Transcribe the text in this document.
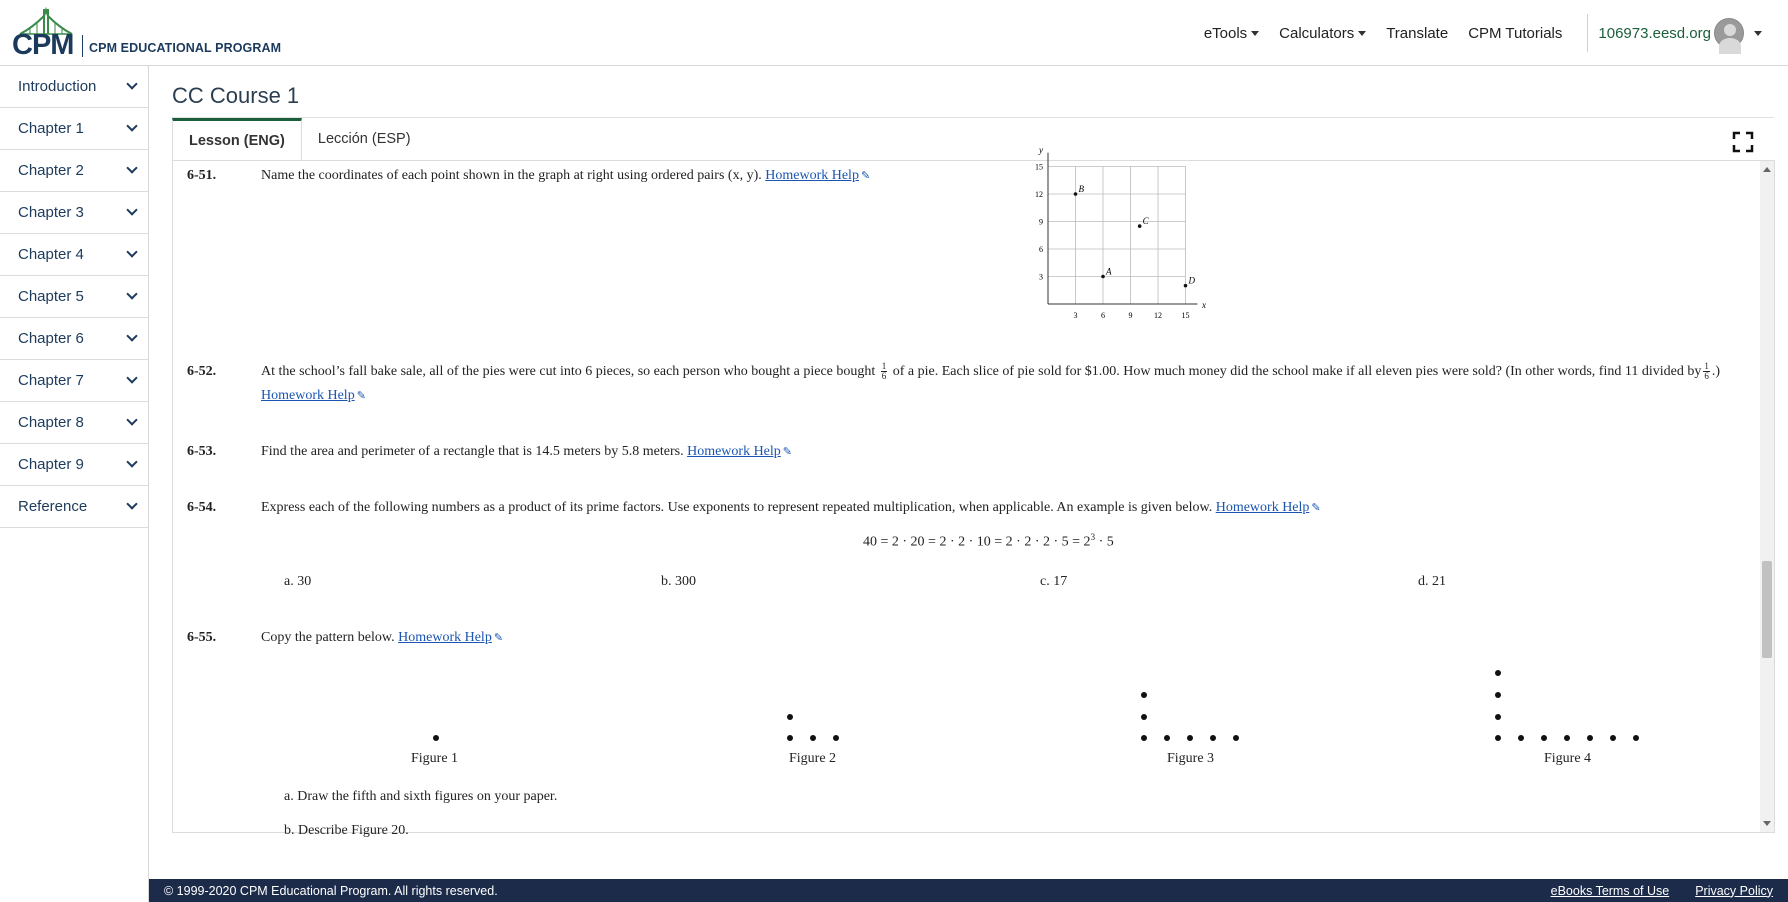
CPM CPM EDUCATIONAL PROGRAM
eTools Calculators Translate CPM Tutorials 106973.eesd.org
Introduction
Chapter 1
Chapter 2
Chapter 3
Chapter 4
Chapter 5
Chapter 6
Chapter 7
Chapter 8
Chapter 9
Reference
CC Course 1
Lesson (ENG)	Lección (ESP)
6-51.	Name the coordinates of each point shown in the graph at right using ordered pairs (x, y). Homework Help ✎
x
y
15
12
9
6
3
3	6	9	12 15
B
C
A
D
6-52.	At the school’s fall bake sale, all of the pies were cut into 6 pieces, so each person who bought a piece bought $\frac{1}{6}$ of a pie. Each slice of pie sold for $1.00. How much money did the school make if all eleven pies were sold? (In other words, find 11 divided by $\frac{1}{6}$ .) Homework Help ✎
6-53.	Find the area and perimeter of a rectangle that is 14.5 meters by 5.8 meters. Homework Help ✎
6-54.	Express each of the following numbers as a product of its prime factors. Use exponents to represent repeated multiplication, when applicable. An example is given below. Homework Help ✎
$40 = 2 \cdot 20 = 2 \cdot 2 \cdot 10 = 2 \cdot 2 \cdot 2 \cdot 5 = 2^3 \cdot 5$
a. 30	b. 300	c. 17	d. 21
6-55.	Copy the pattern below. Homework Help ✎
Figure 1	Figure 2	Figure 3	Figure 4
a. Draw the fifth and sixth figures on your paper.
b. Describe Figure 20.
© 1999-2020 CPM Educational Program. All rights reserved.	eBooks Terms of Use Privacy Policy
